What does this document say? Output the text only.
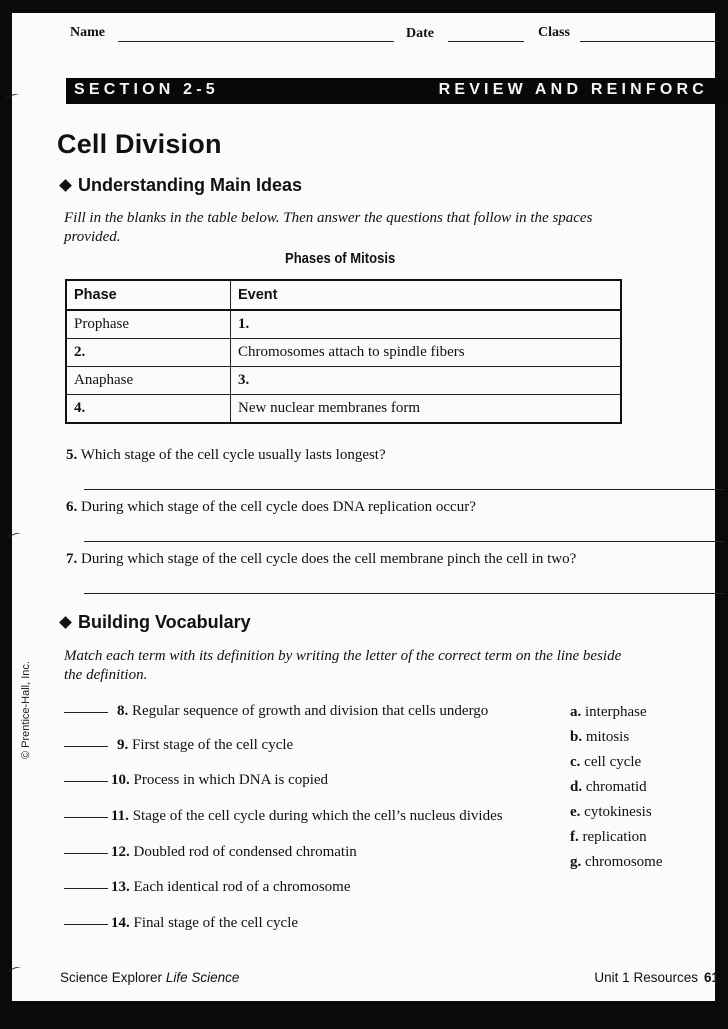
Name	Date	Class
SECTION 2-5	REVIEW AND REINFORC
Cell Division
Understanding Main Ideas
Fill in the blanks in the table below. Then answer the questions that follow in the spaces provided.
Phases of Mitosis
Phase	Event
Prophase	1.
2.	Chromosomes attach to spindle fibers
Anaphase	3.
4.	New nuclear membranes form
5. Which stage of the cell cycle usually lasts longest?
6. During which stage of the cell cycle does DNA replication occur?
7. During which stage of the cell cycle does the cell membrane pinch the cell in two?
Building Vocabulary
Match each term with its definition by writing the letter of the correct term on the line beside the definition.
8. Regular sequence of growth and division that cells undergo
9. First stage of the cell cycle
10. Process in which DNA is copied
11. Stage of the cell cycle during which the cell’s nucleus divides
12. Doubled rod of condensed chromatin
13. Each identical rod of a chromosome
14. Final stage of the cell cycle
a. interphase
b. mitosis
c. cell cycle
d. chromatid
e. cytokinesis
f. replication
g. chromosome
© Prentice-Hall, Inc.
Science Explorer Life Science	Unit 1 Resources 61
